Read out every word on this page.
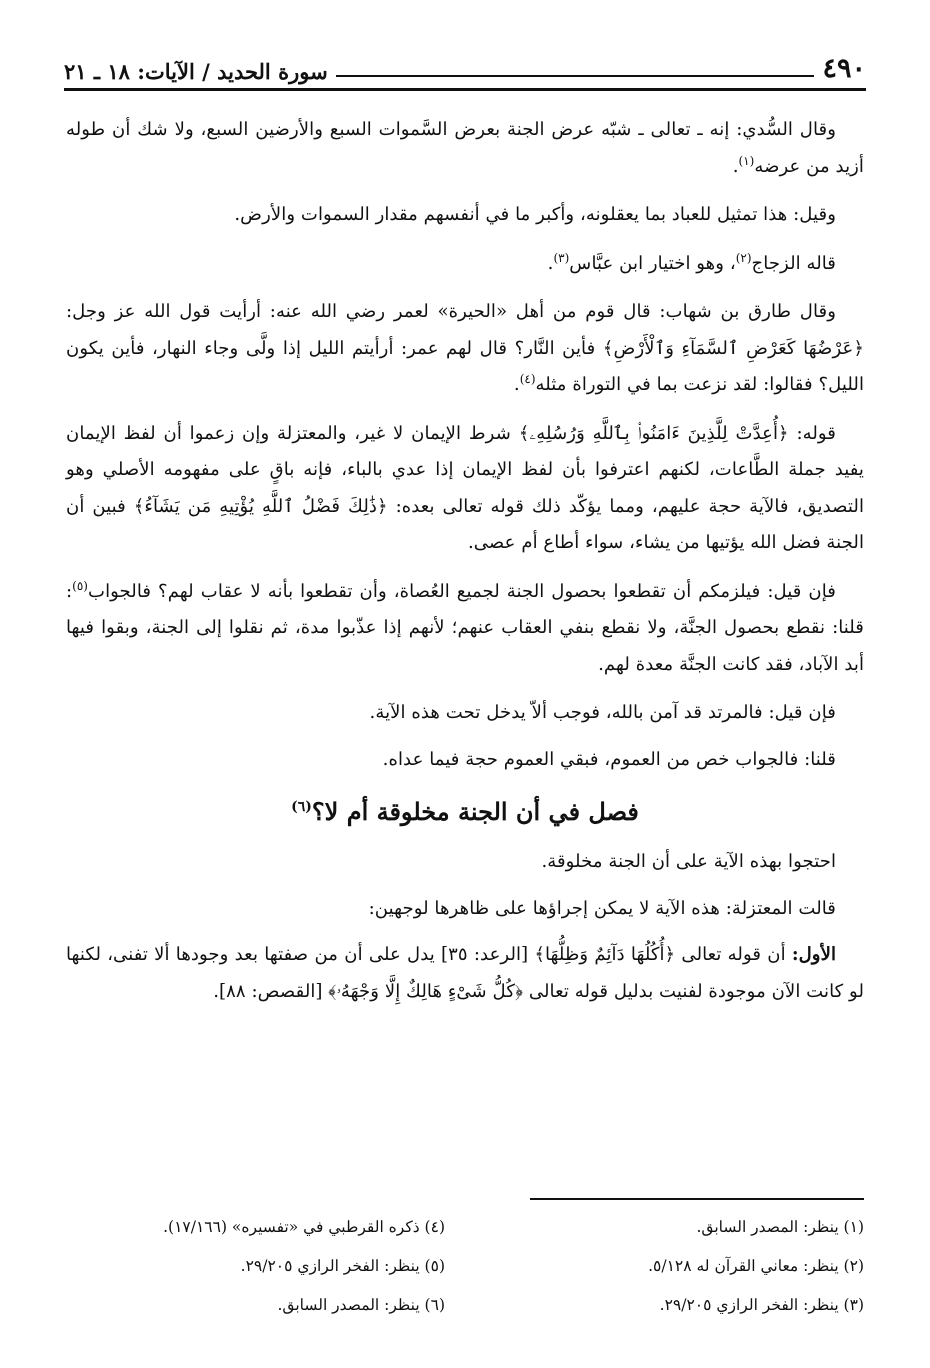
٤٩٠
سورة الحديد / الآيات: ١٨ ـ ٢١

وقال السُّدي: إنه ـ تعالى ـ شبّه عرض الجنة بعرض السَّموات السبع والأرضين السبع، ولا شك أن طوله أزيد من عرضه$^{(١)}$.

وقيل: هذا تمثيل للعباد بما يعقلونه، وأكبر ما في أنفسهم مقدار السموات والأرض.

قاله الزجاج$^{(٢)}$، وهو اختيار ابن عبَّاس$^{(٣)}$.

وقال طارق بن شهاب: قال قوم من أهل «الحيرة» لعمر رضي الله عنه: أرأيت قول الله عز وجل: ﴿عَرْضُهَا كَعَرْضِ ٱلسَّمَآءِ وَٱلْأَرْضِ﴾ فأين النَّار؟ قال لهم عمر: أرأيتم الليل إذا ولَّى وجاء النهار، فأين يكون الليل؟ فقالوا: لقد نزعت بما في التوراة مثله$^{(٤)}$.

قوله: ﴿أُعِدَّتْ لِلَّذِينَ ءَامَنُوا۟ بِٱللَّهِ وَرُسُلِهِۦ﴾ شرط الإيمان لا غير، والمعتزلة وإن زعموا أن لفظ الإيمان يفيد جملة الطَّاعات، لكنهم اعترفوا بأن لفظ الإيمان إذا عدي بالباء، فإنه باقٍ على مفهومه الأصلي وهو التصديق، فالآية حجة عليهم، ومما يؤكّد ذلك قوله تعالى بعده: ﴿ذَٰلِكَ فَضْلُ ٱللَّهِ يُؤْتِيهِ مَن يَشَآءُ﴾ فبين أن الجنة فضل الله يؤتيها من يشاء، سواء أطاع أم عصى.

فإن قيل: فيلزمكم أن تقطعوا بحصول الجنة لجميع العُصاة، وأن تقطعوا بأنه لا عقاب لهم؟ فالجواب$^{(٥)}$: قلنا: نقطع بحصول الجنَّة، ولا نقطع بنفي العقاب عنهم؛ لأنهم إذا عذّبوا مدة، ثم نقلوا إلى الجنة، وبقوا فيها أبد الآباد، فقد كانت الجنَّة معدة لهم.

فإن قيل: فالمرتد قد آمن بالله، فوجب ألاّ يدخل تحت هذه الآية.

قلنا: فالجواب خص من العموم، فبقي العموم حجة فيما عداه.

فصل في أن الجنة مخلوقة أم لا؟$^{(٦)}$

احتجوا بهذه الآية على أن الجنة مخلوقة.

قالت المعتزلة: هذه الآية لا يمكن إجراؤها على ظاهرها لوجهين:

الأول: أن قوله تعالى ﴿أُكُلُهَا دَآئِمٌ وَظِلُّهَا﴾ [الرعد: ٣٥] يدل على أن من صفتها بعد وجودها ألا تفنى، لكنها لو كانت الآن موجودة لفنيت بدليل قوله تعالى ﴿كُلُّ شَىْءٍ هَالِكٌ إِلَّا وَجْهَهُۥ﴾ [القصص: ٨٨].

(١) ينظر: المصدر السابق.
(٢) ينظر: معاني القرآن له ٥/١٢٨.
(٣) ينظر: الفخر الرازي ٢٩/٢٠٥.
(٤) ذكره القرطبي في «تفسيره» (١٧/١٦٦).
(٥) ينظر: الفخر الرازي ٢٩/٢٠٥.
(٦) ينظر: المصدر السابق.
